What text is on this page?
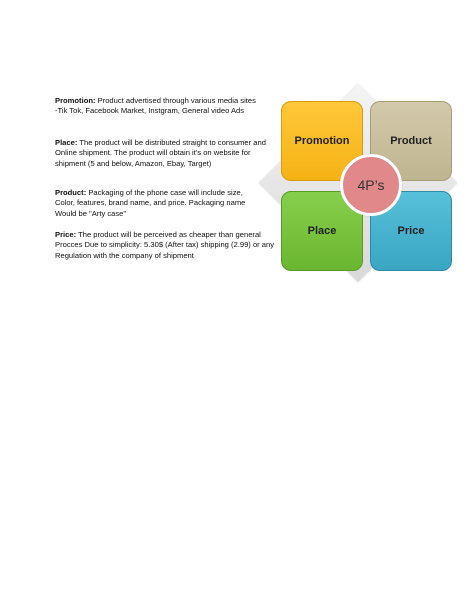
Promotion: Product advertised through various media sites
-Tik Tok, Facebook Market, Instgram, General video Ads

Place: The product will be distributed straight to consumer and
Online shipment. The product will obtain it's on website for
shipment (5 and below, Amazon, Ebay, Target)

Product: Packaging of the phone case will include size,
Color, features, brand name, and price. Packaging name
Would be "Arty case"

Price: The product will be perceived as cheaper than general
Procces Due to simplicity: 5.30$ (After tax) shipping (2.99) or any
Regulation with the company of shipment

Promotion	Product
Place	Price
4P’s
